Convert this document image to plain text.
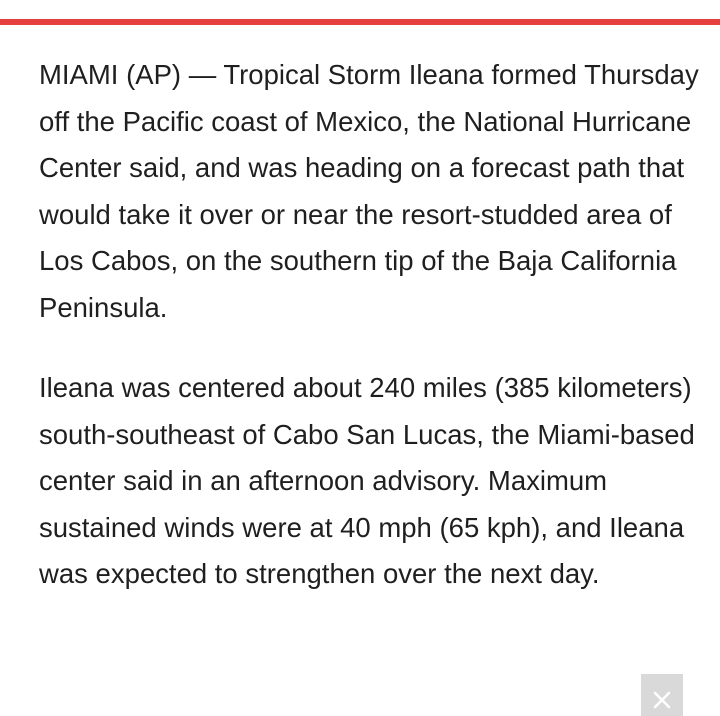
MIAMI (AP) — Tropical Storm Ileana formed Thursday off the Pacific coast of Mexico, the National Hurricane Center said, and was heading on a forecast path that would take it over or near the resort-studded area of Los Cabos, on the southern tip of the Baja California Peninsula.

Ileana was centered about 240 miles (385 kilometers) south-southeast of Cabo San Lucas, the Miami-based center said in an afternoon advisory. Maximum sustained winds were at 40 mph (65 kph), and Ileana was expected to strengthen over the next day.
